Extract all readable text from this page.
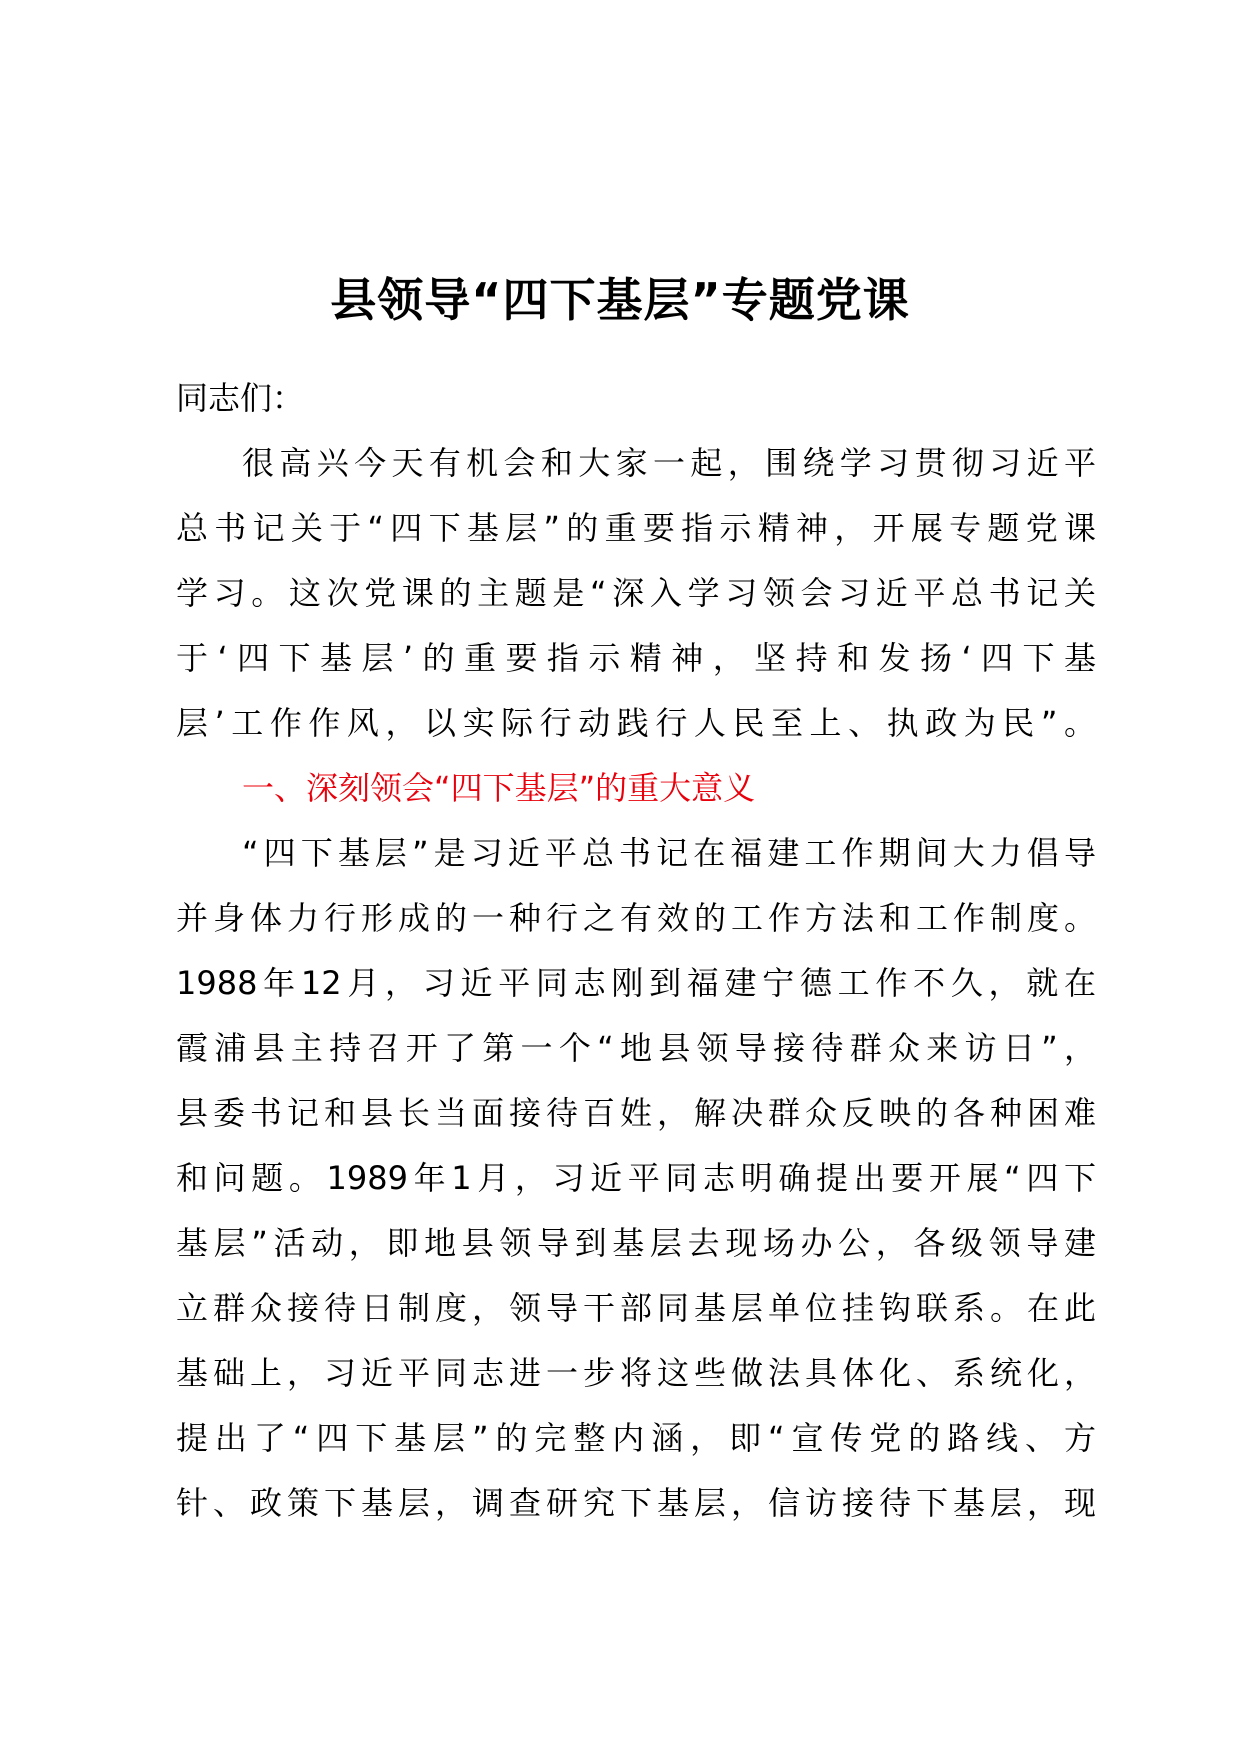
县领导“四下基层”专题党课
同志们：
很高兴今天有机会和大家一起，围绕学习贯彻习近平
总书记关于“四下基层”的重要指示精神，开展专题党课
学习。这次党课的主题是“深入学习领会习近平总书记关
于‘四下基层’的重要指示精神，坚持和发扬‘四下基
层’工作作风，以实际行动践行人民至上、执政为民”。
一、深刻领会“四下基层”的重大意义
“四下基层”是习近平总书记在福建工作期间大力倡导
并身体力行形成的一种行之有效的工作方法和工作制度。
1988年12月，习近平同志刚到福建宁德工作不久，就在
霞浦县主持召开了第一个“地县领导接待群众来访日”，
县委书记和县长当面接待百姓，解决群众反映的各种困难
和问题。1989年1月，习近平同志明确提出要开展“四下
基层”活动，即地县领导到基层去现场办公，各级领导建
立群众接待日制度，领导干部同基层单位挂钩联系。在此
基础上，习近平同志进一步将这些做法具体化、系统化，
提出了“四下基层”的完整内涵，即“宣传党的路线、方
针、政策下基层，调查研究下基层，信访接待下基层，现
